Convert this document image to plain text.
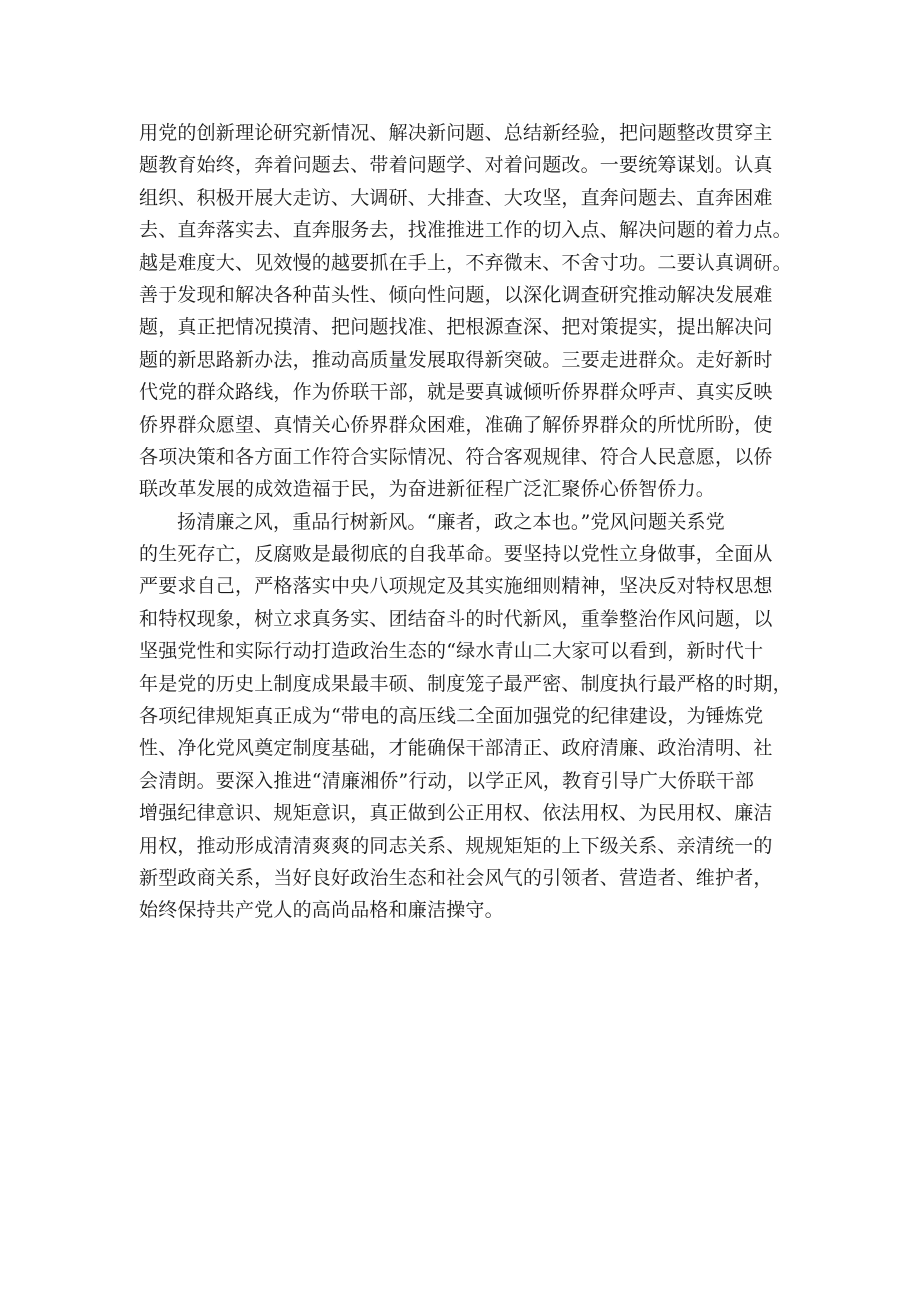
用党的创新理论研究新情况、解决新问题、总结新经验，把问题整改贯穿主
题教育始终，奔着问题去、带着问题学、对着问题改。一要统筹谋划。认真
组织、积极开展大走访、大调研、大排查、大攻坚，直奔问题去、直奔困难
去、直奔落实去、直奔服务去，找准推进工作的切入点、解决问题的着力点。
越是难度大、见效慢的越要抓在手上，不弃微末、不舍寸功。二要认真调研。
善于发现和解决各种苗头性、倾向性问题，以深化调查研究推动解决发展难
题，真正把情况摸清、把问题找准、把根源查深、把对策提实，提出解决问
题的新思路新办法，推动高质量发展取得新突破。三要走进群众。走好新时
代党的群众路线，作为侨联干部，就是要真诚倾听侨界群众呼声、真实反映
侨界群众愿望、真情关心侨界群众困难，准确了解侨界群众的所忧所盼，使
各项决策和各方面工作符合实际情况、符合客观规律、符合人民意愿，以侨
联改革发展的成效造福于民，为奋进新征程广泛汇聚侨心侨智侨力。
扬清廉之风，重品行树新风。“廉者，政之本也。”党风问题关系党
的生死存亡，反腐败是最彻底的自我革命。要坚持以党性立身做事，全面从
严要求自己，严格落实中央八项规定及其实施细则精神，坚决反对特权思想
和特权现象，树立求真务实、团结奋斗的时代新风，重拳整治作风问题，以
坚强党性和实际行动打造政治生态的“绿水青山二大家可以看到，新时代十
年是党的历史上制度成果最丰硕、制度笼子最严密、制度执行最严格的时期，
各项纪律规矩真正成为“带电的高压线二全面加强党的纪律建设，为锤炼党
性、净化党风奠定制度基础，才能确保干部清正、政府清廉、政治清明、社
会清朗。要深入推进“清廉湘侨”行动，以学正风，教育引导广大侨联干部
增强纪律意识、规矩意识，真正做到公正用权、依法用权、为民用权、廉洁
用权，推动形成清清爽爽的同志关系、规规矩矩的上下级关系、亲清统一的
新型政商关系，当好良好政治生态和社会风气的引领者、营造者、维护者，
始终保持共产党人的高尚品格和廉洁操守。
